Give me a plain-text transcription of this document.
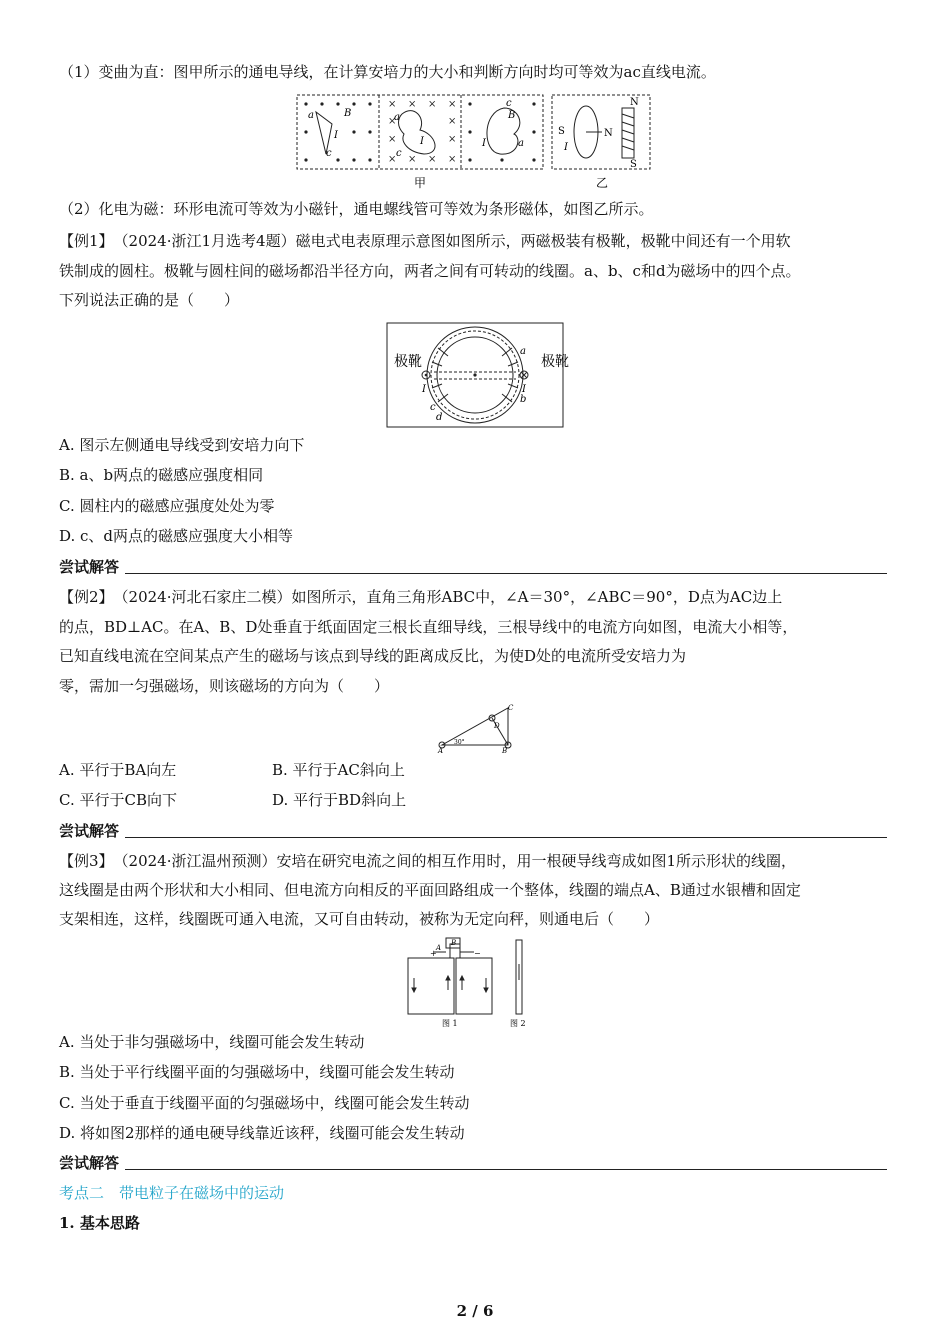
（1）变曲为直：图甲所示的通电导线，在计算安培力的大小和判断方向时均可等效为ac直线电流。
a	B
I
c
× × × ×
×	×
×	×
× × × ×
a
I
c
c
B
I	a
甲
S	N
I
N
S
乙
（2）化电为磁：环形电流可等效为小磁针，通电螺线管可等效为条形磁体，如图乙所示。
【例1】　（2024·浙江1月选考4题）磁电式电表原理示意图如图所示，两磁极装有极靴，极靴中间还有一个用软
铁制成的圆柱。极靴与圆柱间的磁场都沿半径方向，两者之间有可转动的线圈。a、b、c和d为磁场中的四个点。
下列说法正确的是（　　）
极靴	极靴
a
b
c
d
I	I
A. 图示左侧通电导线受到安培力向下
B. a、b两点的磁感应强度相同
C. 圆柱内的磁感应强度处处为零
D. c、d两点的磁感应强度大小相等
尝试解答
【例2】　（2024·河北石家庄二模）如图所示，直角三角形ABC中，∠A＝30°，∠ABC＝90°，D点为AC边上
的点，BD⊥AC。在A、B、D处垂直于纸面固定三根长直细导线，三根导线中的电流方向如图，电流大小相等，
已知直线电流在空间某点产生的磁场与该点到导线的距离成反比，为使D处的电流所受安培力为
零，需加一匀强磁场，则该磁场的方向为（　　）
A	B
C
D
30°
A. 平行于BA向左	B. 平行于AC斜向上
C. 平行于CB向下	D. 平行于BD斜向上
尝试解答
【例3】　（2024·浙江温州预测）安培在研究电流之间的相互作用时，用一根硬导线弯成如图1所示形状的线圈，
这线圈是由两个形状和大小相同、但电流方向相反的平面回路组成一个整体，线圈的端点A、B通过水银槽和固定
支架相连，这样，线圈既可通入电流，又可自由转动，被称为无定向秤，则通电后（　　）
B
A
+	−
图 1	图 2
A. 当处于非匀强磁场中，线圈可能会发生转动
B. 当处于平行线圈平面的匀强磁场中，线圈可能会发生转动
C. 当处于垂直于线圈平面的匀强磁场中，线圈可能会发生转动
D. 将如图2那样的通电硬导线靠近该秤，线圈可能会发生转动
尝试解答
考点二　带电粒子在磁场中的运动
1. 基本思路
2 / 6
